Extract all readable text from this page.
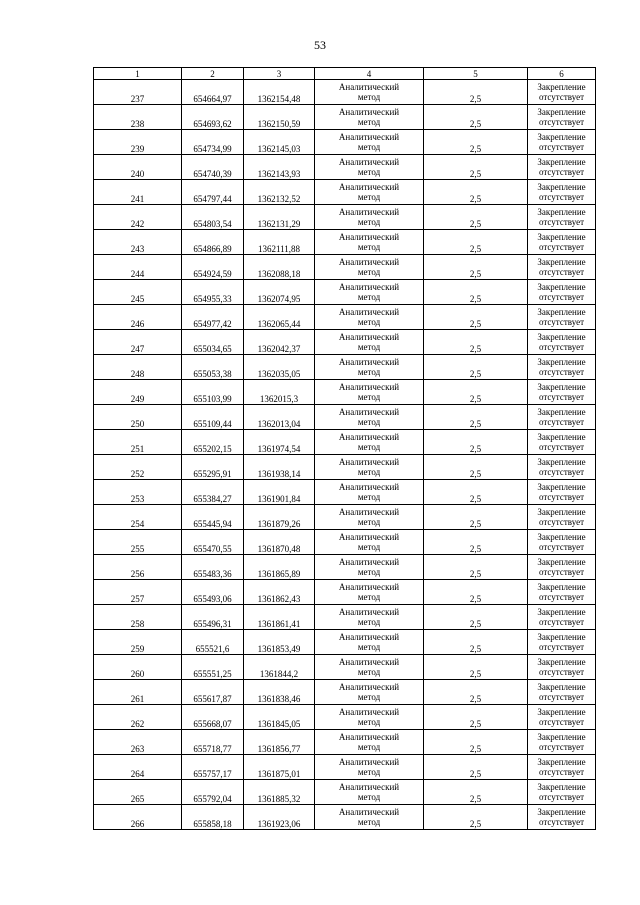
53
1	2	3	4	5	6
237	654664,97	1362154,48	Аналитический
метод	2,5	Закрепление
отсутствует

238	654693,62	1362150,59	Аналитический
метод	2,5	Закрепление
отсутствует

239	654734,99	1362145,03	Аналитический
метод	2,5	Закрепление
отсутствует

240	654740,39	1362143,93	Аналитический
метод	2,5	Закрепление
отсутствует

241	654797,44	1362132,52	Аналитический
метод	2,5	Закрепление
отсутствует

242	654803,54	1362131,29	Аналитический
метод	2,5	Закрепление
отсутствует

243	654866,89	1362111,88	Аналитический
метод	2,5	Закрепление
отсутствует

244	654924,59	1362088,18	Аналитический
метод	2,5	Закрепление
отсутствует

245	654955,33	1362074,95	Аналитический
метод	2,5	Закрепление
отсутствует

246	654977,42	1362065,44	Аналитический
метод	2,5	Закрепление
отсутствует

247	655034,65	1362042,37	Аналитический
метод	2,5	Закрепление
отсутствует

248	655053,38	1362035,05	Аналитический
метод	2,5	Закрепление
отсутствует

249	655103,99	1362015,3	Аналитический
метод	2,5	Закрепление
отсутствует

250	655109,44	1362013,04	Аналитический
метод	2,5	Закрепление
отсутствует

251	655202,15	1361974,54	Аналитический
метод	2,5	Закрепление
отсутствует

252	655295,91	1361938,14	Аналитический
метод	2,5	Закрепление
отсутствует

253	655384,27	1361901,84	Аналитический
метод	2,5	Закрепление
отсутствует

254	655445,94	1361879,26	Аналитический
метод	2,5	Закрепление
отсутствует

255	655470,55	1361870,48	Аналитический
метод	2,5	Закрепление
отсутствует

256	655483,36	1361865,89	Аналитический
метод	2,5	Закрепление
отсутствует

257	655493,06	1361862,43	Аналитический
метод	2,5	Закрепление
отсутствует

258	655496,31	1361861,41	Аналитический
метод	2,5	Закрепление
отсутствует

259	655521,6	1361853,49	Аналитический
метод	2,5	Закрепление
отсутствует

260	655551,25	1361844,2	Аналитический
метод	2,5	Закрепление
отсутствует

261	655617,87	1361838,46	Аналитический
метод	2,5	Закрепление
отсутствует

262	655668,07	1361845,05	Аналитический
метод	2,5	Закрепление
отсутствует

263	655718,77	1361856,77	Аналитический
метод	2,5	Закрепление
отсутствует

264	655757,17	1361875,01	Аналитический
метод	2,5	Закрепление
отсутствует

265	655792,04	1361885,32	Аналитический
метод	2,5	Закрепление
отсутствует

266	655858,18	1361923,06	Аналитический
метод	2,5	Закрепление
отсутствует
